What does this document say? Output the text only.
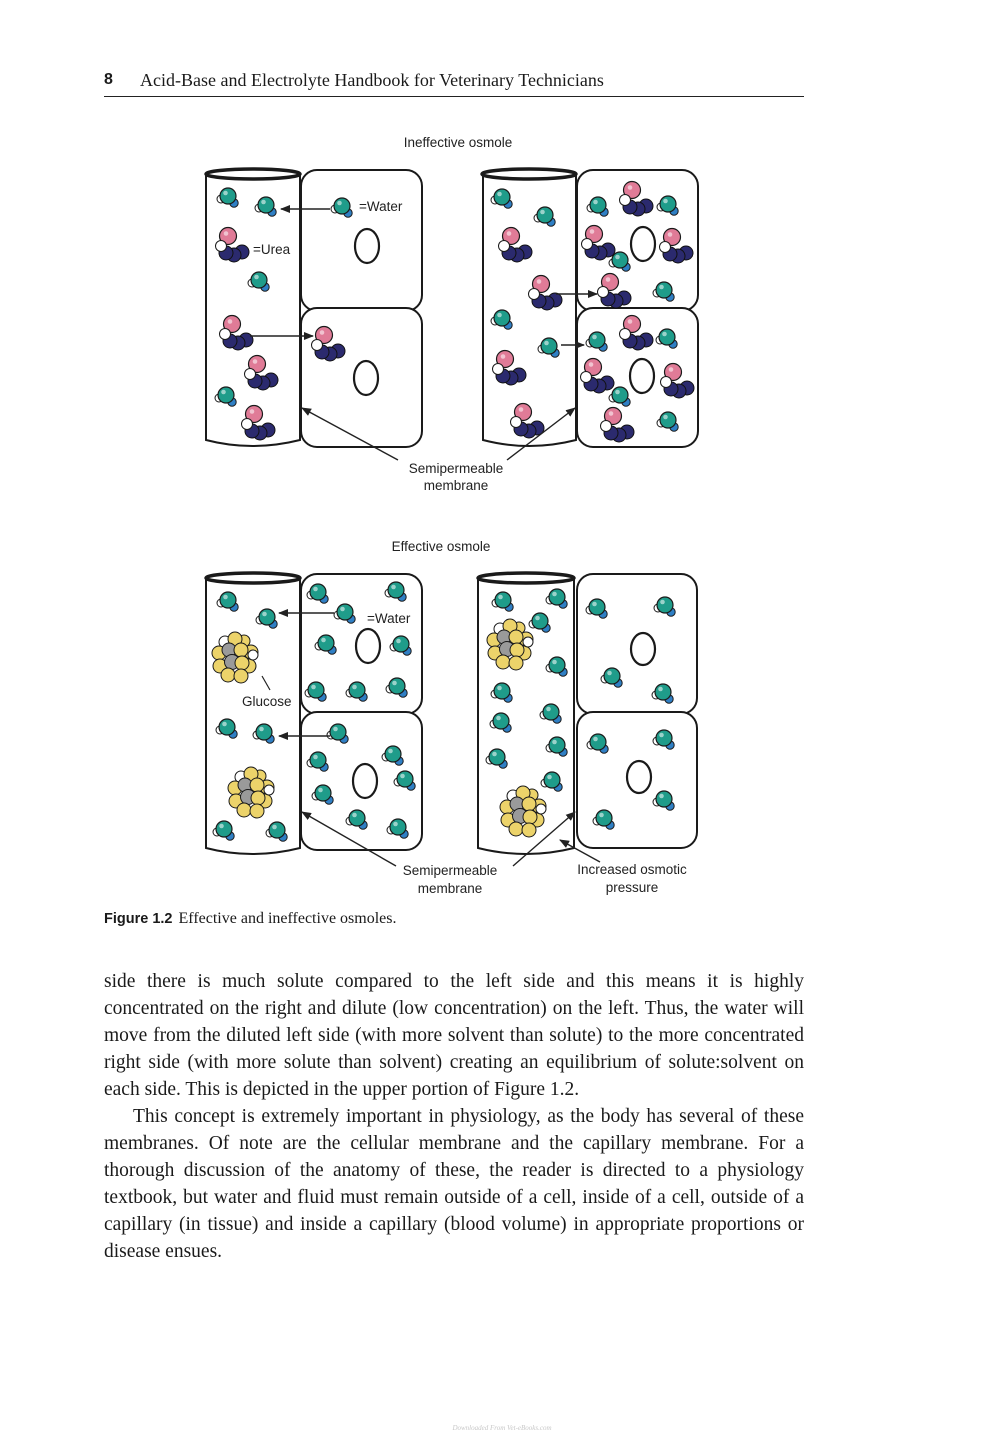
8 Acid-Base and Electrolyte Handbook for Veterinary Technicians
Ineffective osmole
=Water
=Urea
Semipermeable
membrane
Effective osmole
=Water
Glucose
Semipermeable
membrane
Increased osmotic
pressure
Figure 1.2 Effective and ineffective osmoles.

side there is much solute compared to the left side and this means it is highly concentrated on the right and dilute (low concentration) on the left. Thus, the water will move from the diluted left side (with more solvent than solute) to the more concentrated right side (with more solute than solvent) creating an equilibrium of solute:solvent on each side. This is depicted in the upper portion of Figure 1.2.

This concept is extremely important in physiology, as the body has several of these membranes. Of note are the cellular membrane and the capillary membrane. For a thorough discussion of the anatomy of these, the reader is directed to a physiology textbook, but water and fluid must remain outside of a cell, inside of a cell, outside of a capillary (in tissue) and inside a capillary (blood volume) in appropriate proportions or disease ensues.

Downloaded From Vet-eBooks.com
